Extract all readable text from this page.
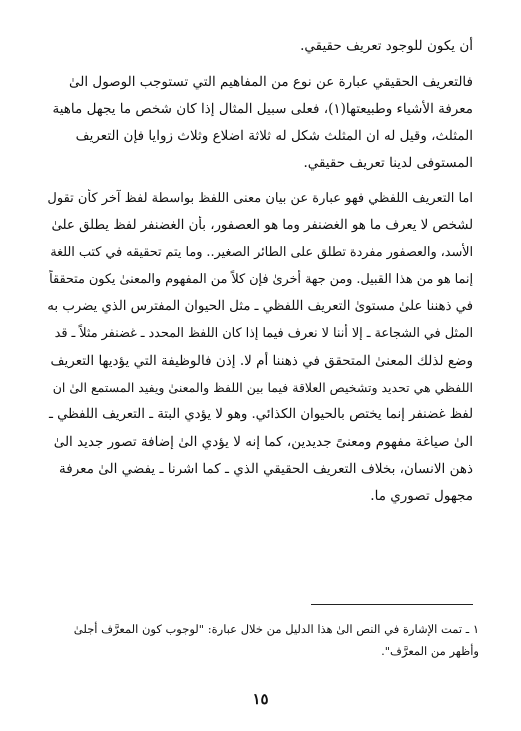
أن يكون للوجود تعريف حقيقي.

فالتعريف الحقيقي عبارة عن نوع من المفاهيم التي تستوجب الوصول الىٰ

معرفة الأشياء وطبيعتها(١)، فعلى سبيل المثال إذا كان شخص ما يجهل ماهية

المثلث، وقيل له ان المثلث شكل له ثلاثة اضلاع وثلاث زوايا فإن التعريف

المستوفى لدينا تعريف حقيقي.

اما التعريف اللفظي فهو عبارة عن بيان معنى اللفظ بواسطة لفظ آخر كأن تقول

لشخص لا يعرف ما هو الغضنفر وما هو العصفور، بأن الغضنفر لفظ يطلق علىٰ

الأسد، والعصفور مفردة تطلق على الطائر الصغير.. وما يتم تحقيقه في كتب اللغة

إنما هو من هذا القبيل. ومن جهة أخرىٰ فإن كلاً من المفهوم والمعنىٰ يكون متحققاً

في ذهننا علىٰ مستوىٰ التعريف اللفظي ـ مثل الحيوان المفترس الذي يضرب به

المثل في الشجاعة ـ إلا أننا لا نعرف فيما إذا كان اللفظ المحدد ـ غضنفر مثلاً ـ قد

وضع لذلك المعنىٰ المتحقق في ذهننا أم لا. إذن فالوظيفة التي يؤديها التعريف

اللفظي هي تحديد وتشخيص العلاقة فيما بين اللفظ والمعنىٰ ويفيد المستمع الىٰ ان

لفظ غضنفر إنما يختص بالحيوان الكذائي. وهو لا يؤدي البتة ـ التعريف اللفظي ـ

الىٰ صياغة مفهوم ومعنىً جديدين، كما إنه لا يؤدي الىٰ إضافة تصور جديد الىٰ

ذهن الانسان، بخلاف التعريف الحقيقي الذي ـ كما اشرنا ـ يفضي الىٰ معرفة

مجهول تصوري ما.

١ ـ تمت الإشارة في النص الىٰ هذا الدليل من خلال عبارة: "لوجوب كون المعرَّف أجلىٰ

وأظهر من المعرَّف".

١٥
